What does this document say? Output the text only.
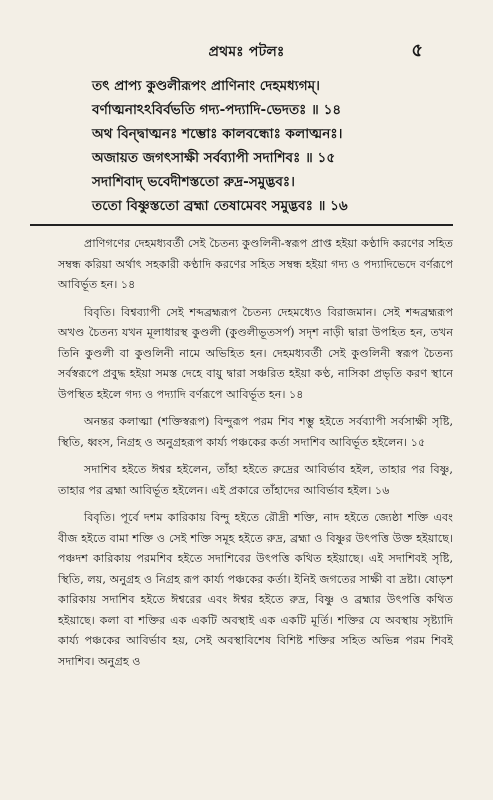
প্রথমঃ পটলঃ	৫
তৎ প্রাপ্য কুণ্ডলীরূপং প্রাণিনাং দেহমধ্যগম্।
বর্ণাত্মনাঽঽবির্বভতি গদ্য-পদ্যাদি-ভেদতঃ ॥ ১৪
অথ বিন্দ্বাত্মনঃ শম্ভোঃ কালবন্ধোঃ কলাত্মনঃ।
অজায়ত জগৎসাক্ষী সর্বব্যাপী সদাশিবঃ ॥ ১৫
সদাশিবাদ্ ভবেদীশস্ততো রুদ্র-সমুদ্ভবঃ।
ততো বিষ্ণুস্ততো ব্রহ্মা তেষামেবং সমুদ্ভবঃ ॥ ১৬

প্রাণিগণের দেহমধ্যবর্তী সেই চৈতন্য কুণ্ডলিনী-স্বরূপ প্রাপ্ত হইয়া কণ্ঠাদি করণের সহিত সম্বন্ধ করিয়া অর্থাৎ সহকারী কণ্ঠাদি করণের সহিত সম্বন্ধ হইয়া গদ্য ও পদ্যাদিভেদে বর্ণরূপে আবির্ভূত হন। ১৪

বিবৃতি। বিশ্বব্যাপী সেই শব্দব্রহ্মরূপ চৈতন্য দেহমধ্যেও বিরাজমান। সেই শব্দব্রহ্মরূপ অখণ্ড চৈতন্য যখন মূলাধারস্থ কুণ্ডলী (কুণ্ডলীভূতসর্প) সদৃশ নাড়ী দ্বারা উপহিত হন, তখন তিনি কুণ্ডলী বা কুণ্ডলিনী নামে অভিহিত হন। দেহমধ্যবর্তী সেই কুণ্ডলিনী স্বরূপ চৈতন্য সর্বস্বরূপে প্রবুদ্ধ হইয়া সমস্ত দেহে বায়ু দ্বারা সঞ্চরিত হইয়া কণ্ঠ, নাসিকা প্রভৃতি করণ স্থানে উপস্থিত হইলে গদ্য ও পদ্যাদি বর্ণরূপে আবির্ভূত হন। ১৪

অনন্তর কলাত্মা (শক্তিস্বরূপ) বিন্দুরূপ পরম শিব শম্ভু হইতে সর্বব্যাপী সর্বসাক্ষী সৃষ্টি, স্থিতি, ধ্বংস, নিগ্রহ ও অনুগ্রহরূপ কার্য্য পঞ্চকের কর্তা সদাশিব আবির্ভূত হইলেন। ১৫

সদাশিব হইতে ঈশ্বর হইলেন, তাঁহা হইতে রুদ্রের আবির্ভাব হইল, তাহার পর বিষ্ণু, তাহার পর ব্রহ্মা আবির্ভূত হইলেন। এই প্রকারে তাঁহাদের আবির্ভাব হইল। ১৬

বিবৃতি। পূর্বে দশম কারিকায় বিন্দু হইতে রৌদ্রী শক্তি, নাদ হইতে জ্যেষ্ঠা শক্তি এবং বীজ হইতে বামা শক্তি ও সেই শক্তি সমূহ হইতে রুদ্র, ব্রহ্মা ও বিষ্ণুর উৎপত্তি উক্ত হইয়াছে। পঞ্চদশ কারিকায় পরমশিব হইতে সদাশিবের উৎপত্তি কথিত হইয়াছে। এই সদাশিবই সৃষ্টি, স্থিতি, লয়, অনুগ্রহ ও নিগ্রহ রূপ কার্য্য পঞ্চকের কর্তা। ইনিই জগতের সাক্ষী বা দ্রষ্টা। ষোড়শ কারিকায় সদাশিব হইতে ঈশ্বরের এবং ঈশ্বর হইতে রুদ্র, বিষ্ণু ও ব্রহ্মার উৎপত্তি কথিত হইয়াছে। কলা বা শক্তির এক একটি অবস্থাই এক একটি মূর্তি। শক্তির যে অবস্থায় সৃষ্ট্যাদি কার্য্য পঞ্চকের আবির্ভাব হয়, সেই অবস্থাবিশেষ বিশিষ্ট শক্তির সহিত অভিন্ন পরম শিবই সদাশিব। অনুগ্রহ ও
